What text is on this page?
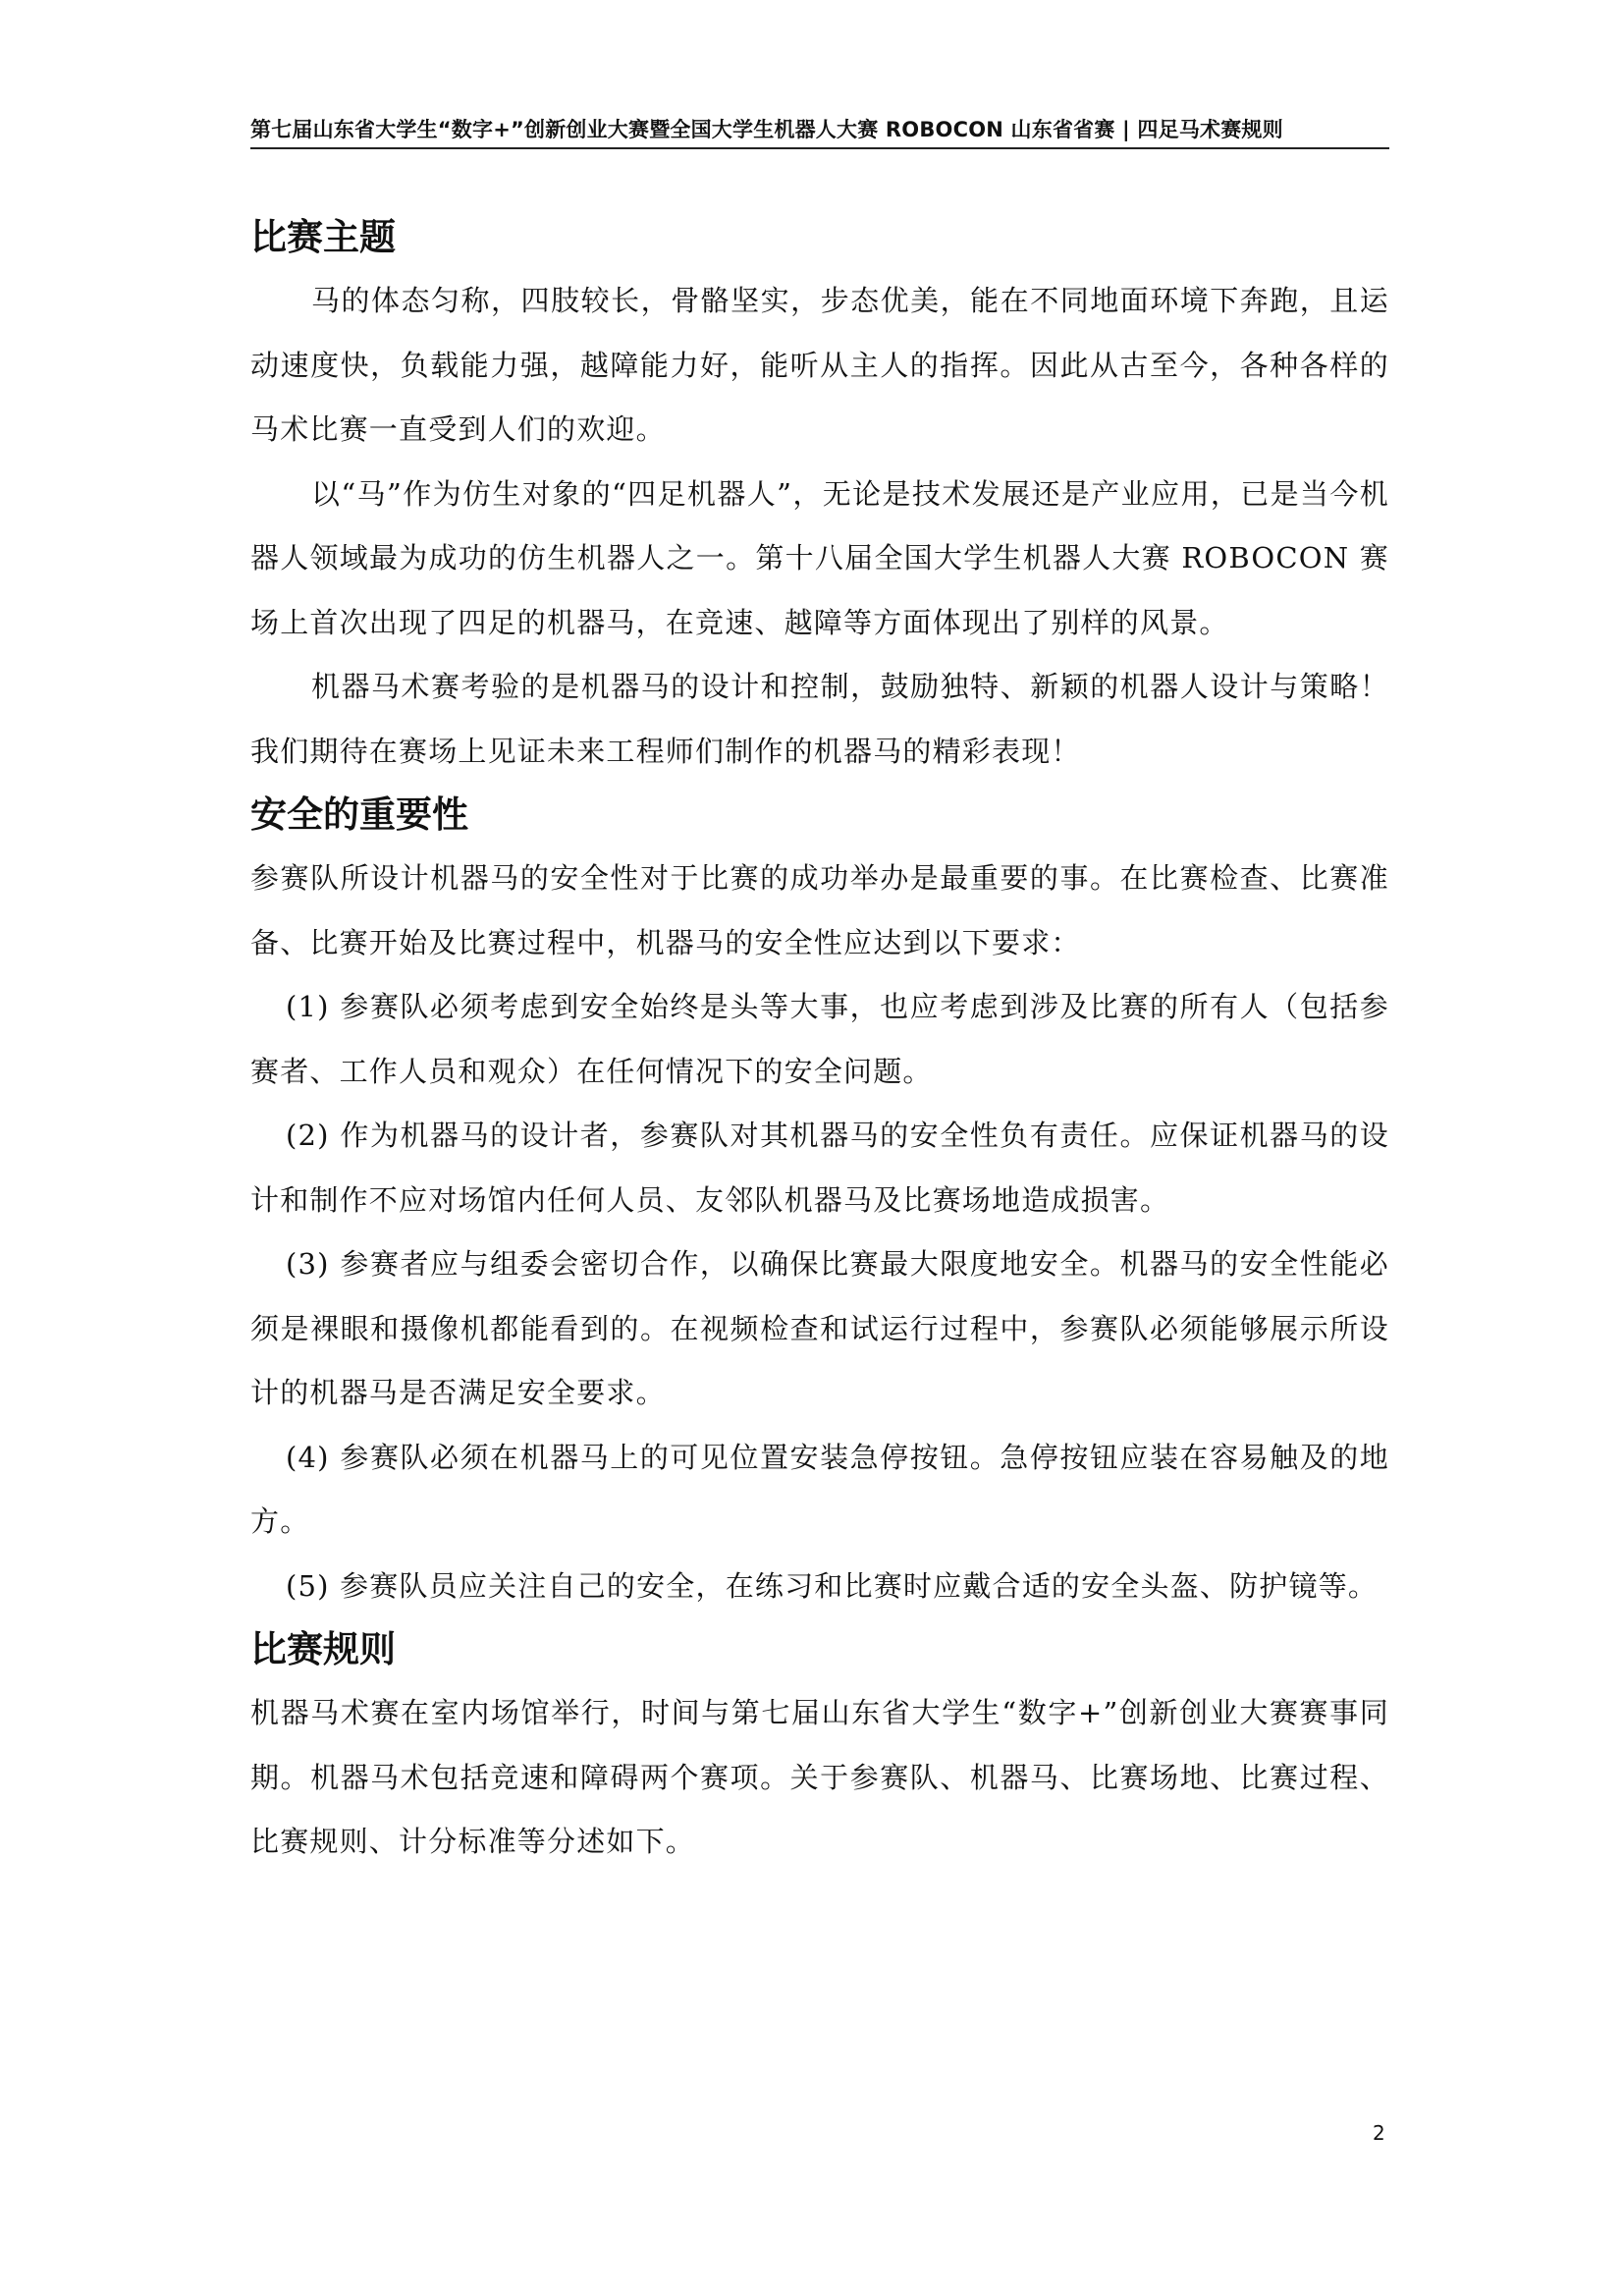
第七届山东省大学生“数字+”创新创业大赛暨全国大学生机器人大赛 ROBOCON 山东省省赛 | 四足马术赛规则
比赛主题

马的体态匀称，四肢较长，骨骼坚实，步态优美，能在不同地面环境下奔跑，且运动速度快，负载能力强，越障能力好，能听从主人的指挥。因此从古至今，各种各样的马术比赛一直受到人们的欢迎。

以“马”作为仿生对象的“四足机器人”，无论是技术发展还是产业应用，已是当今机器人领域最为成功的仿生机器人之一。第十八届全国大学生机器人大赛 ROBOCON 赛场上首次出现了四足的机器马，在竞速、越障等方面体现出了别样的风景。

机器马术赛考验的是机器马的设计和控制，鼓励独特、新颖的机器人设计与策略！我们期待在赛场上见证未来工程师们制作的机器马的精彩表现！

安全的重要性

参赛队所设计机器马的安全性对于比赛的成功举办是最重要的事。在比赛检查、比赛准备、比赛开始及比赛过程中，机器马的安全性应达到以下要求：

(1) 参赛队必须考虑到安全始终是头等大事，也应考虑到涉及比赛的所有人（包括参赛者、工作人员和观众）在任何情况下的安全问题。

(2) 作为机器马的设计者，参赛队对其机器马的安全性负有责任。应保证机器马的设计和制作不应对场馆内任何人员、友邻队机器马及比赛场地造成损害。

(3) 参赛者应与组委会密切合作，以确保比赛最大限度地安全。机器马的安全性能必须是裸眼和摄像机都能看到的。在视频检查和试运行过程中，参赛队必须能够展示所设计的机器马是否满足安全要求。

(4) 参赛队必须在机器马上的可见位置安装急停按钮。急停按钮应装在容易触及的地方。

(5) 参赛队员应关注自己的安全，在练习和比赛时应戴合适的安全头盔、防护镜等。

比赛规则

机器马术赛在室内场馆举行，时间与第七届山东省大学生“数字+”创新创业大赛赛事同期。机器马术包括竞速和障碍两个赛项。关于参赛队、机器马、比赛场地、比赛过程、比赛规则、计分标准等分述如下。

2
